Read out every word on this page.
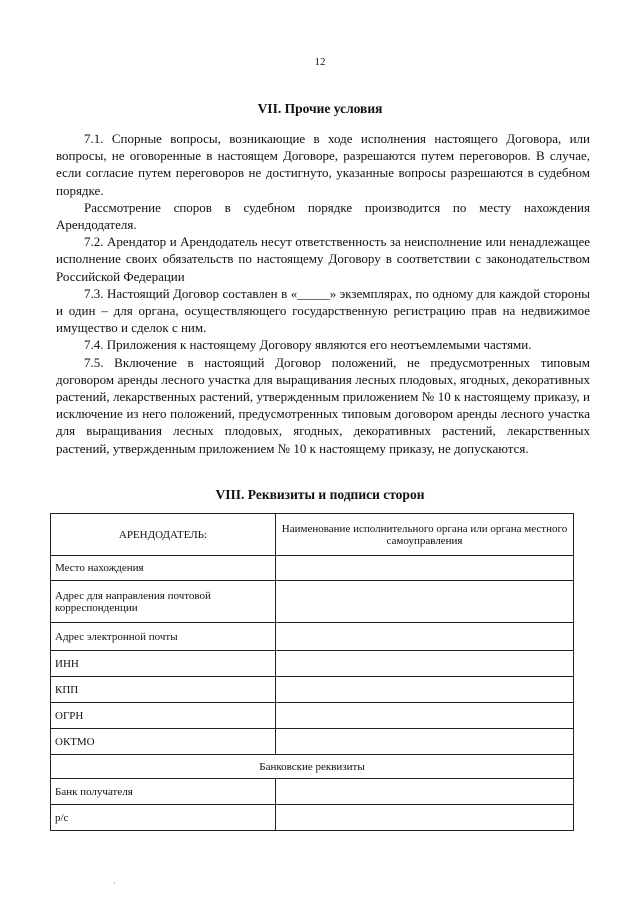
12
VII. Прочие условия

7.1. Спорные вопросы, возникающие в ходе исполнения настоящего Договора, или вопросы, не оговоренные в настоящем Договоре, разрешаются путем переговоров. В случае, если согласие путем переговоров не достигнуто, указанные вопросы разрешаются в судебном порядке.

Рассмотрение споров в судебном порядке производится по месту нахождения Арендодателя.

7.2. Арендатор и Арендодатель несут ответственность за неисполнение или ненадлежащее исполнение своих обязательств по настоящему Договору в соответствии с законодательством Российской Федерации

7.3. Настоящий Договор составлен в «_____» экземплярах, по одному для каждой стороны и один – для органа, осуществляющего государственную регистрацию прав на недвижимое имущество и сделок с ним.

7.4. Приложения к настоящему Договору являются его неотъемлемыми частями.

7.5. Включение в настоящий Договор положений, не предусмотренных типовым договором аренды лесного участка для выращивания лесных плодовых, ягодных, декоративных растений, лекарственных растений, утвержденным приложением № 10 к настоящему приказу, и исключение из него положений, предусмотренных типовым договором аренды лесного участка для выращивания лесных плодовых, ягодных, декоративных растений, лекарственных растений, утвержденным приложением № 10 к настоящему приказу, не допускаются.

VIII. Реквизиты и подписи сторон
АРЕНДОДАТЕЛЬ:	Наименование исполнительного органа или органа местного самоуправления
Место нахождения	
Адрес для направления почтовой корреспонденции	
Адрес электронной почты	
ИНН	
КПП	
ОГРН	
ОКТМО	
Банковские реквизиты	
Банк получателя	
р/с	
·
